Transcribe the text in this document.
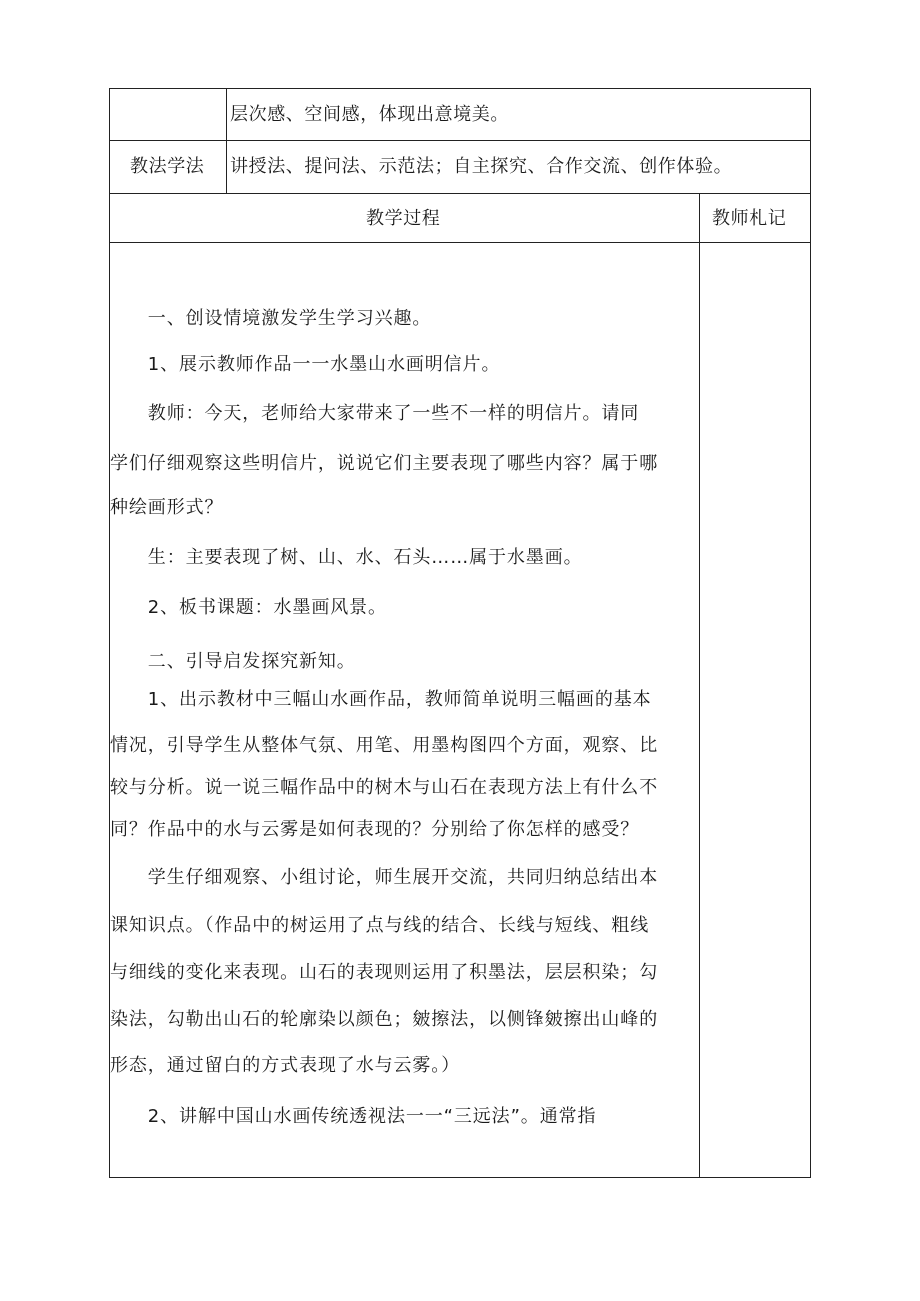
层次感、空间感，体现出意境美。
教法学法 讲授法、提问法、示范法；自主探究、合作交流、创作体验。
教学过程	教师札记
　　一、创设情境激发学生学习兴趣。
　　1、展示教师作品一一水墨山水画明信片。
　　教师：今天，老师给大家带来了一些不一样的明信片。请同
学们仔细观察这些明信片，说说它们主要表现了哪些内容？属于哪
种绘画形式？
　　生：主要表现了树、山、水、石头……属于水墨画。
　　2、板书课题：水墨画风景。
　　二、引导启发探究新知。
　　1、出示教材中三幅山水画作品，教师简单说明三幅画的基本
情况，引导学生从整体气氛、用笔、用墨构图四个方面，观察、比
较与分析。说一说三幅作品中的树木与山石在表现方法上有什么不
同？作品中的水与云雾是如何表现的？分别给了你怎样的感受？
　　学生仔细观察、小组讨论，师生展开交流，共同归纳总结出本
课知识点。（作品中的树运用了点与线的结合、长线与短线、粗线
与细线的变化来表现。山石的表现则运用了积墨法，层层积染；勾
染法，勾勒出山石的轮廓染以颜色；皴擦法，以侧锋皴擦出山峰的
形态，通过留白的方式表现了水与云雾。）
　　2、讲解中国山水画传统透视法一一“三远法”。通常指
